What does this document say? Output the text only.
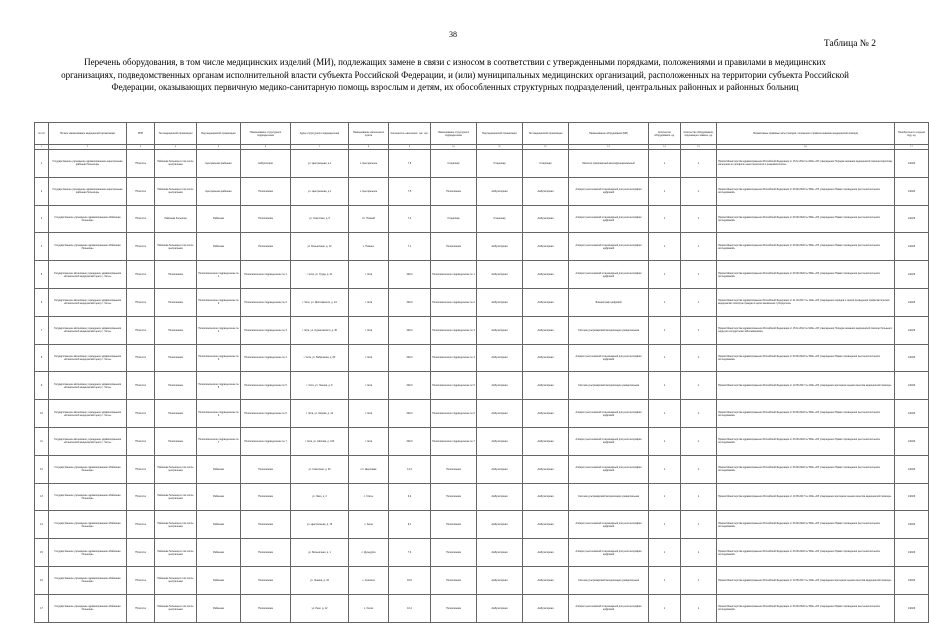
38
Таблица № 2
Перечень оборудования, в том числе медицинских изделий (МИ), подлежащих замене в связи с износом в соответствии с утвержденными порядками, положениями и правилами в медицинских организациях, подведомственных органам исполнительной власти субъекта Российской Федерации, и (или) муниципальных медицинских организаций, расположенных на территории субъекта Российской Федерации, оказывающих первичную медико-санитарную помощь взрослым и детям, их обособленных структурных подразделений, центральных районных и районных больниц
№ п/п	Полное наименование медицинской организации	ИНН	Тип медицинской организации	Вид медицинской организации	Наименование структурного подразделения	Адрес структурного подразделения	Наименование населенного пункта	Численность населения, тыс. чел.	Наименование структурного подразделения	Вид медицинской организации	Тип медицинской организации	Наименование оборудования (МИ)	Количество оборудования, ед.	Количество оборудования, подлежащего замене, ед.	Нормативные правовые акты (порядки, положения и правила оказания медицинской помощи)	Приобретено в текущем году, ед.
1	2	3	4	5	6	7	8	9	10	11	12	13	14	15	16	17
1	Государственное учреждение здравоохранения «Центральная районная больница»	75xxxxxxx	Районная больница в том числе центральная	Центральная районная	Амбулатория	ул. Центральная, д.1	с. Центральное	7,5	Стационар	Стационар	Стационар	Монитор прикроватный многофункциональный	1	1	Приказ Министерства здравоохранения Российской Федерации от 15.11.2012 № 919н «Об утверждении Порядка оказания медицинской помощи взрослому населению по профилю «анестезиология и реаниматология»	1/2023
2	Государственное учреждение здравоохранения «Центральная районная больница»	75xxxxxxx	Районная больница в том числе центральная	Центральная районная	Поликлиника	ул. Центральная, д.1	с. Центральное	7,5	Поликлиника	Амбулаторная	Амбулаторная	Аппарат рентгеновский стационарный для рентгенографии цифровой	1	1	Приказ Министерства здравоохранения Российской Федерации от 09.06.2020 № 560н «Об утверждении Правил проведения рентгенологических исследований»	1/2023
3	Государственное учреждение здравоохранения «Районная больница»	75xxxxxxx	Районная больница	Районная	Поликлиника	ул. Советская, д. 5	пгт. Нижний	7,4	Стационар	Стационар	Амбулаторная	Аппарат рентгеновский стационарный для рентгенографии цифровой	1	1	Приказ Министерства здравоохранения Российской Федерации от 09.06.2020 № 560н «Об утверждении Правил проведения рентгенологических исследований»	1/2023
4	Государственное учреждение здравоохранения «Районная больница»	75xxxxxxx	Районная больница в том числе центральная	Районная	Поликлиника	ул. Больничная, д. 12	с. Нижнее	7,1	Поликлиника	Амбулаторная	Амбулаторная	Аппарат рентгеновский стационарный для рентгенографии цифровой	1	1	Приказ Министерства здравоохранения Российской Федерации от 09.06.2020 № 560н «Об утверждении Правил проведения рентгенологических исследований»	1/2023
5	Государственное автономное учреждение здравоохранения «Клинический медицинский центр г. Читы»	75xxxxxxx	Поликлиника	Поликлиническое подразделение № 1	Поликлиническое подразделение № 1	г. Чита, ул. Труда, д. 21	г. Чита	349,0	Поликлиническое подразделение № 1	Амбулаторная	Амбулаторная	Аппарат рентгеновский стационарный для рентгенографии цифровой	1	1	Приказ Министерства здравоохранения Российской Федерации от 09.06.2020 № 560н «Об утверждении Правил проведения рентгенологических исследований»	1/2023
6	Государственное автономное учреждение здравоохранения «Клинический медицинский центр г. Читы»	75xxxxxxx	Поликлиника	Поликлиническое подразделение № 2	Поликлиническое подразделение № 2	г. Чита, ул. Ярославского, д. 24	г. Чита	349,0	Поликлиническое подразделение № 2	Амбулаторная	Амбулаторная	Флюорограф цифровой	1	1	Приказ Министерства здравоохранения Российской Федерации от 21.03.2017 № 124н «Об утверждении порядка и сроков проведения профилактических медицинских осмотров граждан в целях выявления туберкулеза»	1/2023
7	Государственное автономное учреждение здравоохранения «Клинический медицинский центр г. Читы»	75xxxxxxx	Поликлиника	Поликлиническое подразделение № 3	Поликлиническое подразделение № 3	г. Чита, ул. Курнатовского, д. 30	г. Чита	349,0	Поликлиническое подразделение № 3	Амбулаторная	Амбулаторная	Система ультразвуковой визуализации универсальная	1	1	Приказ Министерства здравоохранения Российской Федерации от 15.11.2012 № 918н «Об утверждении Порядка оказания медицинской помощи больным с сердечно-сосудистыми заболеваниями»	1/2023
8	Государственное автономное учреждение здравоохранения «Клинический медицинский центр г. Читы»	75xxxxxxx	Поликлиника	Поликлиническое подразделение № 4	Поликлиническое подразделение № 4	г. Чита, ул. Бабушкина, д. 60	г. Чита	349,0	Поликлиническое подразделение № 4	Амбулаторная	Амбулаторная	Аппарат рентгеновский стационарный для рентгенографии цифровой	1	1	Приказ Министерства здравоохранения Российской Федерации от 09.06.2020 № 560н «Об утверждении Правил проведения рентгенологических исследований»	1/2023
9	Государственное автономное учреждение здравоохранения «Клинический медицинский центр г. Читы»	75xxxxxxx	Поликлиника	Поликлиническое подразделение № 5	Поликлиническое подразделение № 5	г. Чита, ул. Ленина, д. 8	г. Чита	349,0	Поликлиническое подразделение № 5	Амбулаторная	Амбулаторная	Система ультразвуковой визуализации универсальная	1	1	Приказ Министерства здравоохранения Российской Федерации от 10.05.2017 № 203н «Об утверждении критериев оценки качества медицинской помощи»	1/2023
10	Государственное автономное учреждение здравоохранения «Клинический медицинский центр г. Читы»	75xxxxxxx	Поликлиника	Поликлиническое подразделение № 6	Поликлиническое подразделение № 6	г. Чита, ул. Кирова, д. 14	г. Чита	349,0	Поликлиническое подразделение № 6	Амбулаторная	Амбулаторная	Аппарат рентгеновский стационарный для рентгенографии цифровой	1	1	Приказ Министерства здравоохранения Российской Федерации от 09.06.2020 № 560н «Об утверждении Правил проведения рентгенологических исследований»	1/2023
11	Государственное автономное учреждение здравоохранения «Клинический медицинский центр г. Читы»	75xxxxxxx	Поликлиника	Поликлиническое подразделение № 7	Поликлиническое подразделение № 7	г. Чита, ул. Шилова, д. 100	г. Чита	349,0	Поликлиническое подразделение № 7	Амбулаторная	Амбулаторная	Аппарат рентгеновский стационарный для рентгенографии цифровой	1	1	Приказ Министерства здравоохранения Российской Федерации от 09.06.2020 № 560н «Об утверждении Правил проведения рентгенологических исследований»	1/2023
12	Государственное учреждение здравоохранения «Районная больница»	75xxxxxxx	Районная больница в том числе центральная	Районная	Поликлиника	ул. Советская, д. 26	пгт. Шерловая	14,3	Поликлиника	Амбулаторная	Амбулаторная	Аппарат рентгеновский стационарный для рентгенографии цифровой	1	1	Приказ Министерства здравоохранения Российской Федерации от 09.06.2020 № 560н «Об утверждении Правил проведения рентгенологических исследований»	1/2023
13	Государственное учреждение здравоохранения «Районная больница»	75xxxxxxx	Районная больница в том числе центральная	Районная	Поликлиника	ул. Лазо, д. 3	с. Улёты	6,2	Поликлиника	Амбулаторная	Амбулаторная	Система ультразвуковой визуализации универсальная	1	1	Приказ Министерства здравоохранения Российской Федерации от 10.05.2017 № 203н «Об утверждении критериев оценки качества медицинской помощи»	1/2023
14	Государственное учреждение здравоохранения «Районная больница»	75xxxxxxx	Районная больница в том числе центральная	Районная	Поликлиника	ул. Центральная, д. 15	с. Акша	8,1	Поликлиника	Амбулаторная	Амбулаторная	Аппарат рентгеновский стационарный для рентгенографии цифровой	1	1	Приказ Министерства здравоохранения Российской Федерации от 09.06.2020 № 560н «Об утверждении Правил проведения рентгенологических исследований»	1/2023
15	Государственное учреждение здравоохранения «Районная больница»	75xxxxxxx	Районная больница в том числе центральная	Районная	Поликлиника	ул. Больничная, д. 1	с. Дульдурга	7,0	Поликлиника	Амбулаторная	Амбулаторная	Аппарат рентгеновский стационарный для рентгенографии цифровой	1	1	Приказ Министерства здравоохранения Российской Федерации от 09.06.2020 № 560н «Об утверждении Правил проведения рентгенологических исследований»	1/2023
16	Государственное учреждение здравоохранения «Районная больница»	75xxxxxxx	Районная больница в том числе центральная	Районная	Поликлиника	ул. Ленина, д. 44	с. Агинское	18,6	Поликлиника	Амбулаторная	Амбулаторная	Система ультразвуковой визуализации универсальная	1	1	Приказ Министерства здравоохранения Российской Федерации от 10.05.2017 № 203н «Об утверждении критериев оценки качества медицинской помощи»	1/2023
17	Государственное учреждение здравоохранения «Районная больница»	75xxxxxxx	Районная больница в том числе центральная	Районная	Поликлиника	ул. Лазо, д. 12	с. Хилок	10,4	Поликлиника	Амбулаторная	Амбулаторная	Аппарат рентгеновский стационарный для рентгенографии цифровой	1	1	Приказ Министерства здравоохранения Российской Федерации от 09.06.2020 № 560н «Об утверждении Правил проведения рентгенологических исследований»	1/2023
